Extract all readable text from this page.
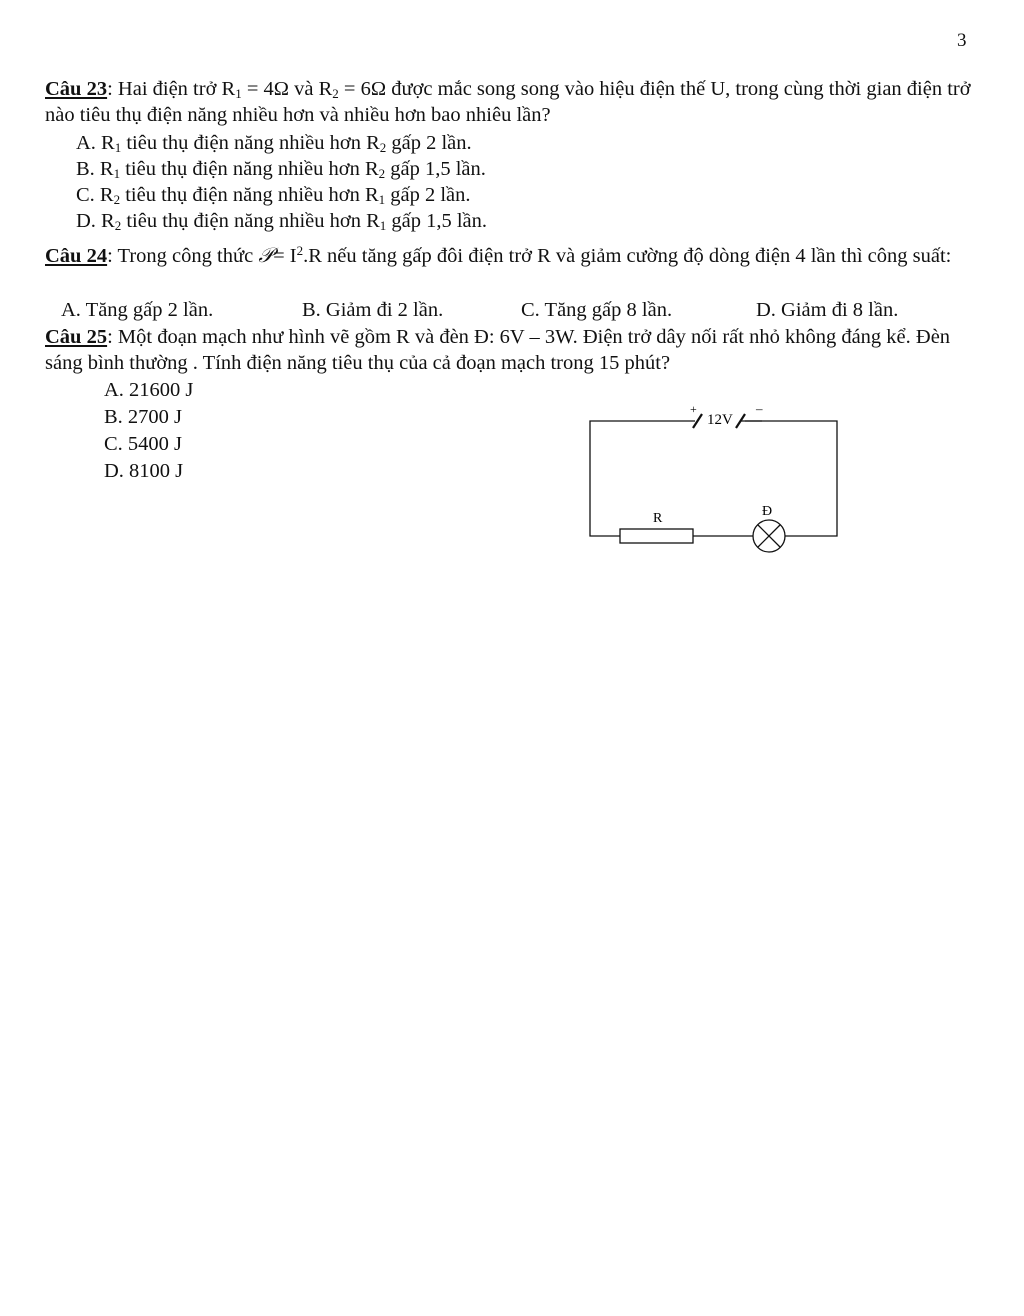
3
Câu 23: Hai điện trở $R_1 = 4\Omega$ và $R_2 = 6\Omega$ được mắc song song vào hiệu điện thế U, trong cùng thời gian điện trở nào tiêu thụ điện năng nhiều hơn và nhiều hơn bao nhiêu lần?
A. $R_1$ tiêu thụ điện năng nhiều hơn $R_2$ gấp 2 lần.
B. $R_1$ tiêu thụ điện năng nhiều hơn $R_2$ gấp 1,5 lần.
C. $R_2$ tiêu thụ điện năng nhiều hơn $R_1$ gấp 2 lần.
D. $R_2$ tiêu thụ điện năng nhiều hơn $R_1$ gấp 1,5 lần.
Câu 24: Trong công thức 𝒫= $I^2.R$ nếu tăng gấp đôi điện trở R và giảm cường độ dòng điện 4 lần thì công suất:
A. Tăng gấp 2 lần.	B. Giảm đi 2 lần.	C. Tăng gấp 8 lần.	D. Giảm đi 8 lần.
Câu 25: Một đoạn mạch như hình vẽ gồm R và đèn Đ: 6V – 3W. Điện trở dây nối rất nhỏ không đáng kể. Đèn sáng bình thường . Tính điện năng tiêu thụ của cả đoạn mạch trong 15 phút?
A. 21600 J
B. 2700 J
C. 5400 J
D. 8100 J
+	–
12V
R	Đ
